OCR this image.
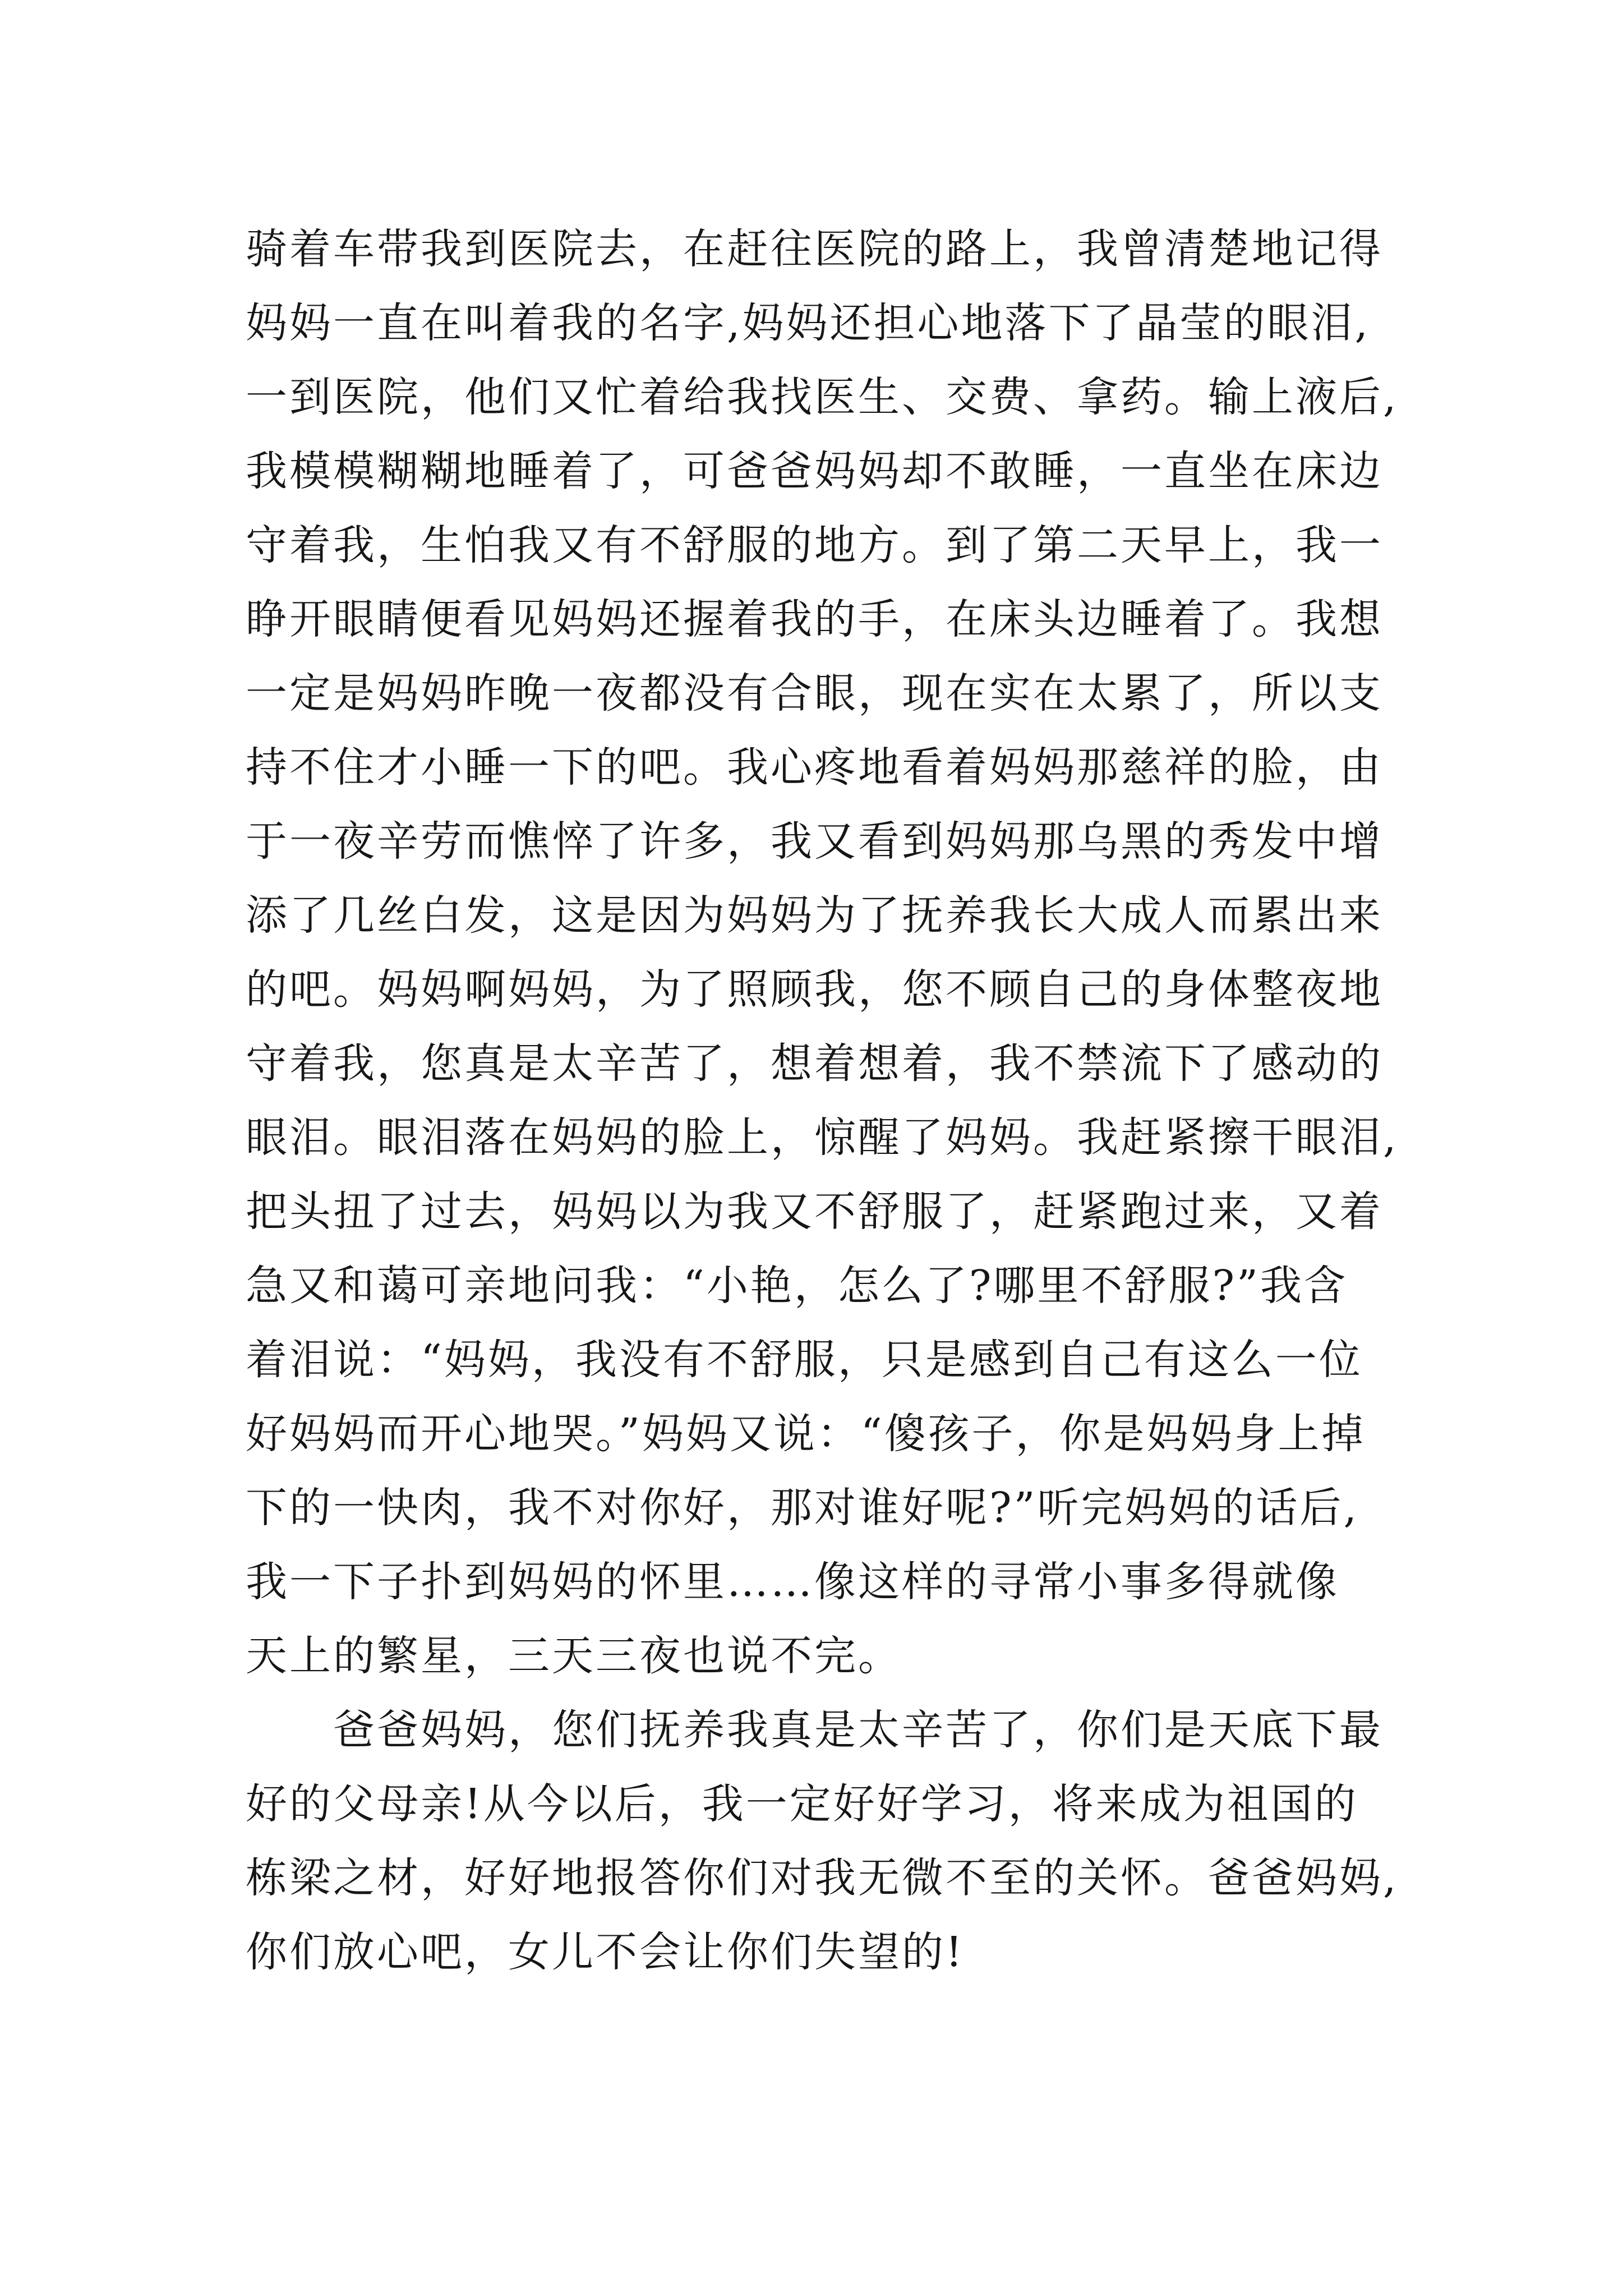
骑着车带我到医院去，在赶往医院的路上，我曾清楚地记得
妈妈一直在叫着我的名字,妈妈还担心地落下了晶莹的眼泪,
一到医院，他们又忙着给我找医生、交费、拿药。输上液后,
我模模糊糊地睡着了，可爸爸妈妈却不敢睡，一直坐在床边
守着我，生怕我又有不舒服的地方。到了第二天早上，我一
睁开眼睛便看见妈妈还握着我的手，在床头边睡着了。我想
一定是妈妈昨晚一夜都没有合眼，现在实在太累了，所以支
持不住才小睡一下的吧。我心疼地看着妈妈那慈祥的脸，由
于一夜辛劳而憔悴了许多，我又看到妈妈那乌黑的秀发中增
添了几丝白发，这是因为妈妈为了抚养我长大成人而累出来
的吧。妈妈啊妈妈，为了照顾我，您不顾自己的身体整夜地
守着我，您真是太辛苦了，想着想着，我不禁流下了感动的
眼泪。眼泪落在妈妈的脸上，惊醒了妈妈。我赶紧擦干眼泪,
把头扭了过去，妈妈以为我又不舒服了，赶紧跑过来，又着
急又和蔼可亲地问我：“小艳，怎么了?哪里不舒服?”我含
着泪说：“妈妈，我没有不舒服，只是感到自己有这么一位
好妈妈而开心地哭。”妈妈又说：“傻孩子，你是妈妈身上掉
下的一快肉，我不对你好，那对谁好呢?”听完妈妈的话后,
我一下子扑到妈妈的怀里……像这样的寻常小事多得就像
天上的繁星，三天三夜也说不完。
爸爸妈妈，您们抚养我真是太辛苦了，你们是天底下最
好的父母亲!从今以后，我一定好好学习，将来成为祖国的
栋梁之材，好好地报答你们对我无微不至的关怀。爸爸妈妈,
你们放心吧，女儿不会让你们失望的!
